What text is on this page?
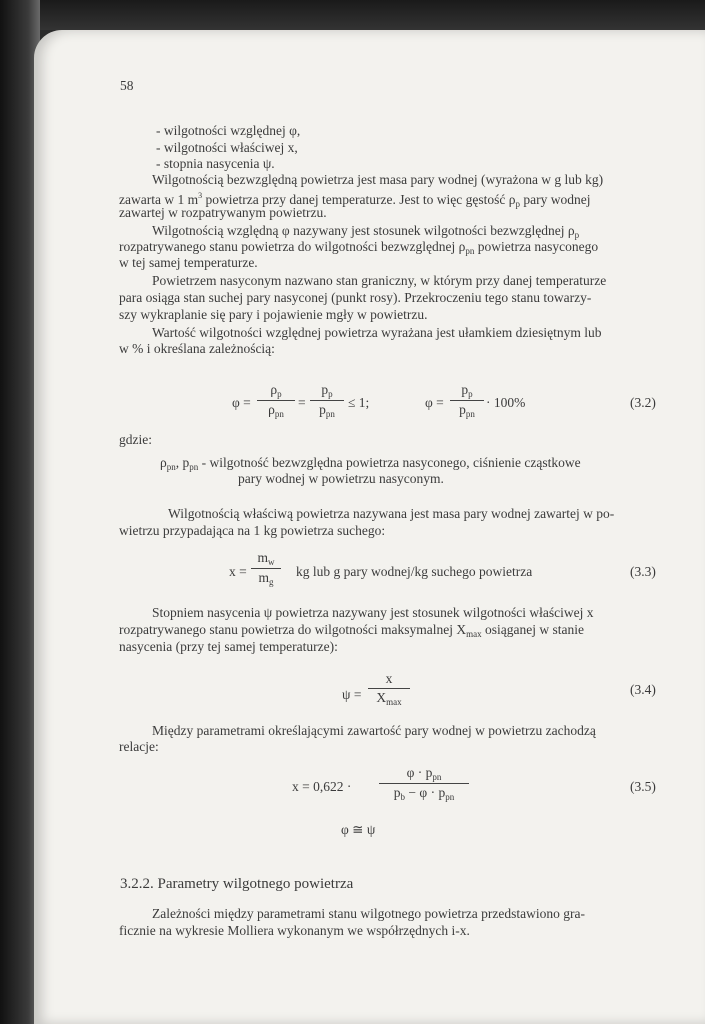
58
- wilgotności względnej φ,
- wilgotności właściwej x,
- stopnia nasycenia ψ.
Wilgotnością bezwzględną powietrza jest masa pary wodnej (wyrażona w g lub kg)
zawarta w 1 $m^3$ powietrza przy danej temperaturze. Jest to więc gęstość $\rho_p$ pary wodnej
zawartej w rozpatrywanym powietrzu.
Wilgotnością względną φ nazywany jest stosunek wilgotności bezwzględnej $\rho_p$
rozpatrywanego stanu powietrza do wilgotności bezwzględnej $\rho_{pn}$ powietrza nasyconego
w tej samej temperaturze.
Powietrzem nasyconym nazwano stan graniczny, w którym przy danej temperaturze
para osiąga stan suchej pary nasyconej (punkt rosy). Przekroczeniu tego stanu towarzy-
szy wykraplanie się pary i pojawienie mgły w powietrzu.
Wartość wilgotności względnej powietrza wyrażana jest ułamkiem dziesiętnym lub
w % i określana zależnością:
φ =
$\rho_p$
$\rho_{pn}$
=
$p_p$
$p_{pn}$
≤ 1;	φ =
$p_p$
$p_{pn}$
· 100%	(3.2)
gdzie:
$\rho_{pn}$, $p_{pn}$ - wilgotność bezwzględna powietrza nasyconego, ciśnienie cząstkowe
pary wodnej w powietrzu nasyconym.
Wilgotnością właściwą powietrza nazywana jest masa pary wodnej zawartej w po-
wietrzu przypadająca na 1 kg powietrza suchego:
x =
$m_w$
$m_g$
kg lub g pary wodnej/kg suchego powietrza	(3.3)
Stopniem nasycenia ψ powietrza nazywany jest stosunek wilgotności właściwej x
rozpatrywanego stanu powietrza do wilgotności maksymalnej $X_{max}$ osiąganej w stanie
nasycenia (przy tej samej temperaturze):
ψ =
x
$X_{max}$
(3.4)
Między parametrami określającymi zawartość pary wodnej w powietrzu zachodzą
relacje:
x = 0,622 ·
$\varphi \cdot p_{pn}$
$p_b - \varphi \cdot p_{pn}$
(3.5)
φ ≅ ψ
3.2.2. Parametry wilgotnego powietrza
Zależności między parametrami stanu wilgotnego powietrza przedstawiono gra-
ficznie na wykresie Molliera wykonanym we współrzędnych i-x.
